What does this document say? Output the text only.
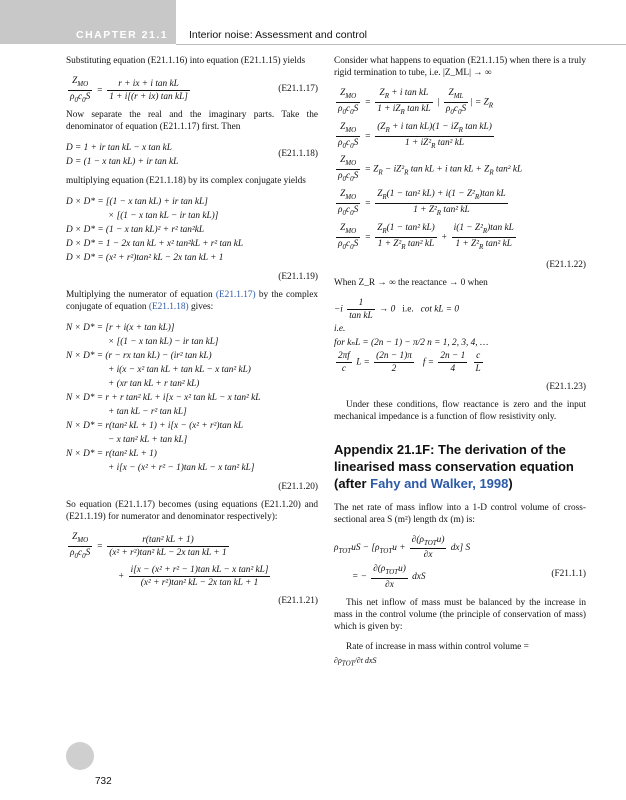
CHAPTER 21.1 Interior noise: Assessment and control

Substituting equation (E21.1.16) into equation (E21.1.15) yields

$\frac{Z_{MO}}{\rho_0c_0S} = \frac{\text{r + ix + i tan kL}}{\text{1 + i[(r + ix) tan kL]}}$	(E21.1.17)

Now separate the real and the imaginary parts. Take the denominator of equation (E21.1.17) first. Then

D = 1 + ir tan kL − x tan kL
D = (1 − x tan kL) + ir tan kL
(E21.1.18)

multiplying equation (E21.1.18) by its complex conjugate yields

D × D* = [(1 − x tan kL) + ir tan kL]
× [(1 − x tan kL − ir tan kL)]
D × D* = (1 − x tan kL)² + r² tan²kL
D × D* = 1 − 2x tan kL + x² tan²kL + r² tan kL
D × D* = (x² + r²)tan² kL − 2x tan kL + 1
(E21.1.19)

Multiplying the numerator of equation (E21.1.17) by the complex conjugate of equation (E21.1.18) gives:

N × D* = [r + i(x + tan kL)]
× [(1 − x tan kL) − ir tan kL]
N × D* = (r − rx tan kL) − (ir² tan kL)
+ i(x − x² tan kL + tan kL − x tan² kL)
+ (xr tan kL + r tan² kL)
N × D* = r + r tan² kL + i[x − x² tan kL − x tan² kL
+ tan kL − r² tan kL]
N × D* = r(tan² kL + 1) + i[x − (x² + r²)tan kL
− x tan² kL + tan kL]
N × D* = r(tan² kL + 1)
+ i[x − (x² + r² − 1)tan kL − x tan² kL]
(E21.1.20)

So equation (E21.1.17) becomes (using equations (E21.1.20) and (E21.1.19) for numerator and denominator respectively):

$\frac{Z_{MO}}{\rho_0c_0S} = \frac{\text{r(tan² kL + 1)}}{\text{(x² + r²)tan² kL − 2x tan kL + 1}}$
+ $\frac{\text{i[x − (x² + r² − 1)tan kL − x tan² kL]}}{\text{(x² + r²)tan² kL − 2x tan kL + 1}}$
(E21.1.21)

Consider what happens to equation (E21.1.15) when there is a truly rigid termination to tube, i.e. |Z_ML| → ∞

$\frac{Z_{MO}}{\rho_0c_0S} = \frac{Z_R + i \tan kL}{1 + iZ_R \tan kL}$ | $\frac{Z_{ML}}{\rho_0c_0S}$ | = $Z_R$
$\frac{Z_{MO}}{\rho_0c_0S} = \frac{(Z_R + i \tan kL)(1 - iZ_R \tan kL)}{1 + iZ^2_R \tan^2 kL}$
$\frac{Z_{MO}}{\rho_0c_0S} = Z_R - iZ^2_R$ tan kL + i tan kL + $Z_R$ tan² kL
$\frac{Z_{MO}}{\rho_0c_0S} = \frac{Z_R(1 - \tan^2 kL) + i(1 - Z^2_R)\tan kL}{1 + Z^2_R \tan^2 kL}$
$\frac{Z_{MO}}{\rho_0c_0S} = \frac{Z_R(1 - \tan^2 kL)}{1 + Z^2_R \tan^2 kL} + \frac{i(1 - Z^2_R)\tan kL}{1 + Z^2_R \tan^2 kL}$
(E21.1.22)

When Z_R → ∞ the reactance → 0 when

$-i \frac{1}{\text{tan kL}} \to 0$   i.e.   cot kL = 0
i.e.
for kₙL = (2n − 1) − π/2 n = 1, 2, 3, 4, …
$\frac{2\pi f}{c}$ $L = \frac{(2n - 1)\pi}{2}$ $f = \frac{2n - 1}{4}$
$\frac{c}{L}$
(E21.1.23)

Under these conditions, flow reactance is zero and the input mechanical impedance is a function of flow resistivity only.

Appendix 21.1F: The derivation of the linearised mass conservation equation (after Fahy and Walker, 1998)

The net rate of mass inflow into a 1-D control volume of cross-sectional area S (m²) length dx (m) is:

$\rho_{TOT}uS - [\rho_{TOT}u + \frac{\partial(\rho_{TOT}u)}{\partial x} dx]$ S
= − $\frac{\partial(\rho_{TOT}u)}{\partial x}$ dxS	(F21.1.1)

This net inflow of mass must be balanced by the increase in mass in the control volume (the principle of conservation of mass) which is given by:

Rate of increase in mass within control volume =

$\partial\rho_{TOT}/\partial t$ dxS
732
